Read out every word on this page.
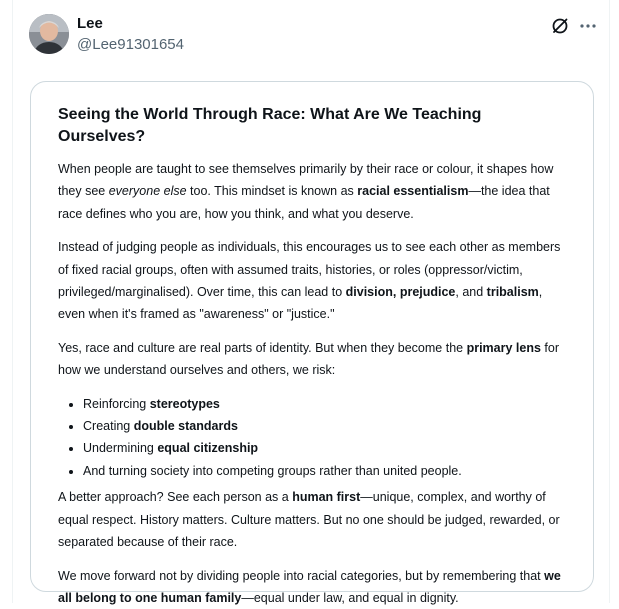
Lee
@Lee91301654
Seeing the World Through Race: What Are We Teaching Ourselves?

When people are taught to see themselves primarily by their race or colour, it shapes how they see everyone else too. This mindset is known as racial essentialism—the idea that race defines who you are, how you think, and what you deserve.

Instead of judging people as individuals, this encourages us to see each other as members of fixed racial groups, often with assumed traits, histories, or roles (oppressor/victim, privileged/marginalised). Over time, this can lead to division, prejudice, and tribalism, even when it's framed as "awareness" or "justice."

Yes, race and culture are real parts of identity. But when they become the primary lens for how we understand ourselves and others, we risk:

• Reinforcing stereotypes
• Creating double standards
• Undermining equal citizenship
• And turning society into competing groups rather than united people.

A better approach? See each person as a human first—unique, complex, and worthy of equal respect. History matters. Culture matters. But no one should be judged, rewarded, or separated because of their race.

We move forward not by dividing people into racial categories, but by remembering that we all belong to one human family—equal under law, and equal in dignity.
